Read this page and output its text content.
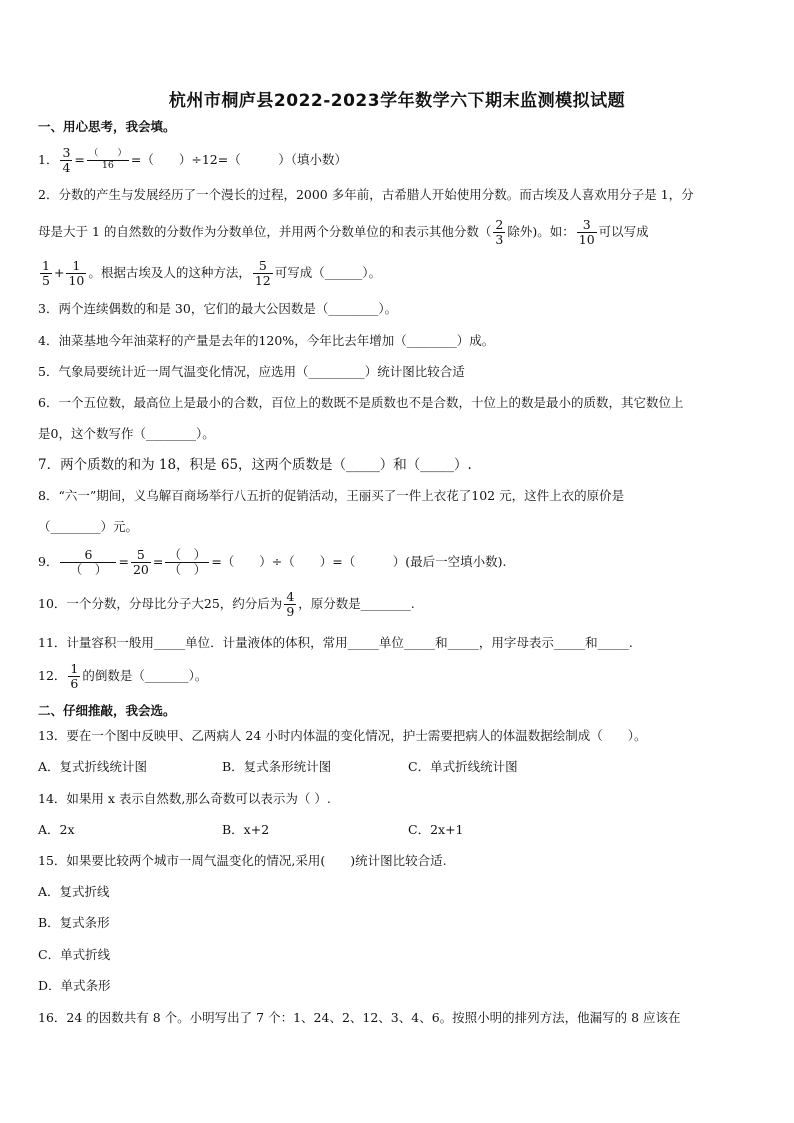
杭州市桐庐县2022-2023学年数学六下期末监测模拟试题
一、用心思考，我会填。
1． $\frac{3}{4} = \frac{( )}{16}$ =（　　）÷12=（　　　）（填小数）
2．分数的产生与发展经历了一个漫长的过程，2000 多年前，古希腊人开始使用分数。而古埃及人喜欢用分子是 1，分
母是大于 1 的自然数的分数作为分数单位，并用两个分数单位的和表示其他分数（ $\frac{2}{3}$ 除外)。如： $\frac{3}{10}$ 可以写成
$\frac{1}{5} + \frac{1}{10}$ 。根据古埃及人的这种方法， $\frac{5}{12}$ 可写成（______）。
3．两个连续偶数的和是 30，它们的最大公因数是（________）。
4．油菜基地今年油菜籽的产量是去年的120%，今年比去年增加（________）成。
5．气象局要统计近一周气温变化情况，应选用（_________）统计图比较合适
6．一个五位数，最高位上是最小的合数，百位上的数既不是质数也不是合数，十位上的数是最小的质数，其它数位上
是0，这个数写作（________）。
7．两个质数的和为 18，积是 65，这两个质数是（_____）和（_____）.
8．“六一”期间，义乌解百商场举行八五折的促销活动，王丽买了一件上衣花了102 元，这件上衣的原价是
（________）元。
9． $\frac{6}{( )} = \frac{5}{20} = \frac{( )}{( )}$ =（　　）÷（　　）=（　　　）(最后一空填小数).
10．一个分数，分母比分子大25，约分后为 $\frac{4}{9}$ ，原分数是________.
11．计量容积一般用_____单位．计量液体的体积，常用_____单位_____和_____，用字母表示_____和_____.
12． $\frac{1}{6}$ 的倒数是（_______）。
二、仔细推敲，我会选。
13．要在一个图中反映甲、乙两病人 24 小时内体温的变化情况，护士需要把病人的体温数据绘制成（　　）。
A．复式折线统计图	B．复式条形统计图	C．单式折线统计图
14．如果用 x 表示自然数,那么奇数可以表示为（ ）.
A．2x	B．x+2	C．2x+1
15．如果要比较两个城市一周气温变化的情况,采用(　　)统计图比较合适.
A．复式折线
B．复式条形
C．单式折线
D．单式条形
16．24 的因数共有 8 个。小明写出了 7 个：1、24、2、12、3、4、6。按照小明的排列方法，他漏写的 8 应该在
